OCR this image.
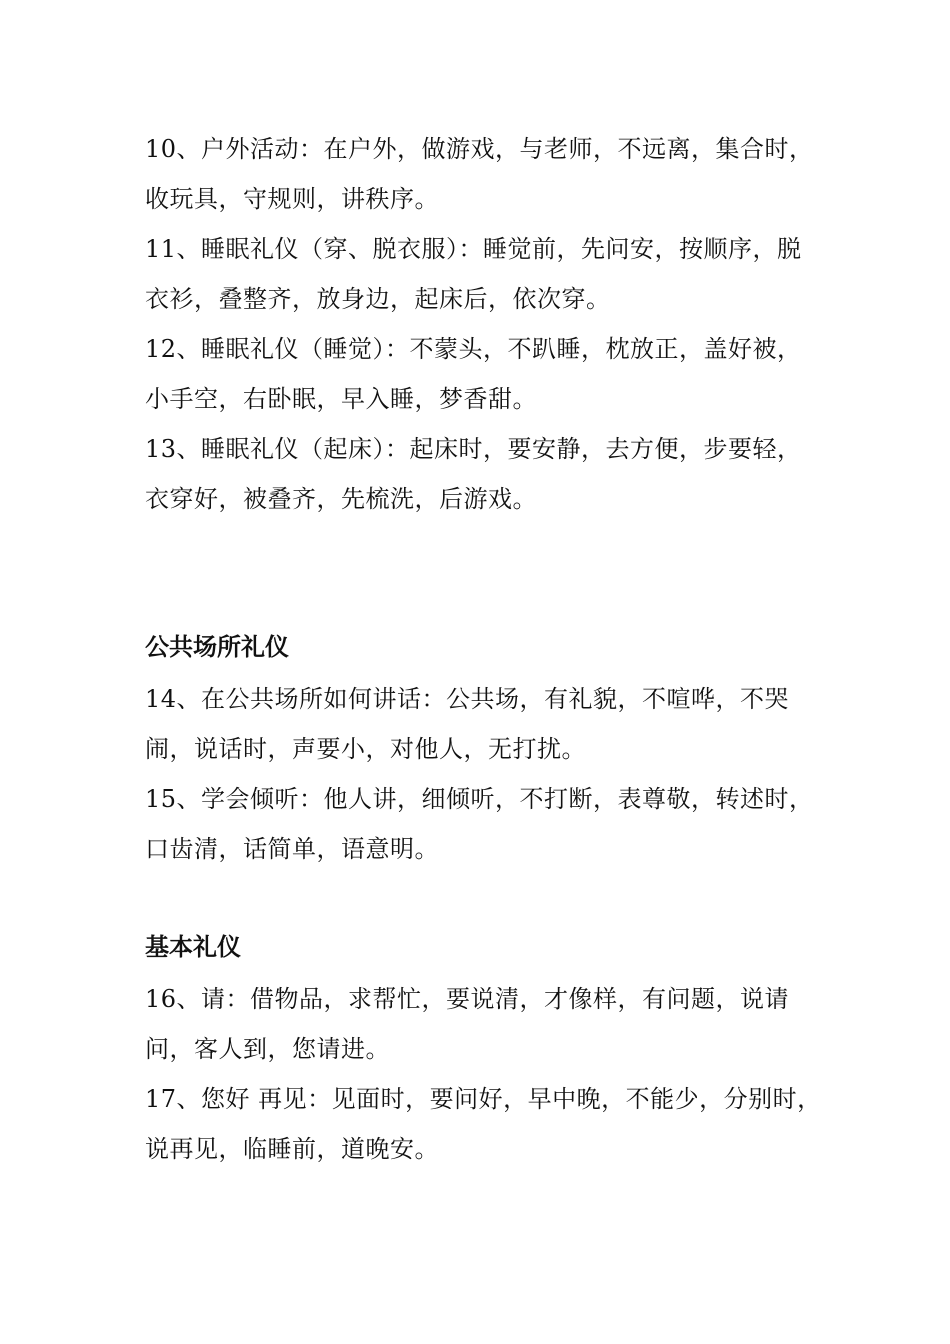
10、户外活动：在户外，做游戏，与老师，不远离，集合时，收玩具，守规则，讲秩序。

11、睡眠礼仪（穿、脱衣服）：睡觉前，先问安，按顺序，脱衣衫，叠整齐，放身边，起床后，依次穿。

12、睡眠礼仪（睡觉）：不蒙头，不趴睡，枕放正，盖好被，小手空，右卧眠，早入睡，梦香甜。

13、睡眠礼仪（起床）：起床时，要安静，去方便，步要轻，衣穿好，被叠齐，先梳洗，后游戏。

公共场所礼仪

14、在公共场所如何讲话：公共场，有礼貌，不喧哗，不哭闹，说话时，声要小，对他人，无打扰。

15、学会倾听：他人讲，细倾听，不打断，表尊敬，转述时，口齿清，话简单，语意明。

基本礼仪

16、请：借物品，求帮忙，要说清，才像样，有问题，说请问，客人到，您请进。

17、您好 再见：见面时，要问好，早中晚，不能少，分别时，说再见，临睡前，道晚安。
